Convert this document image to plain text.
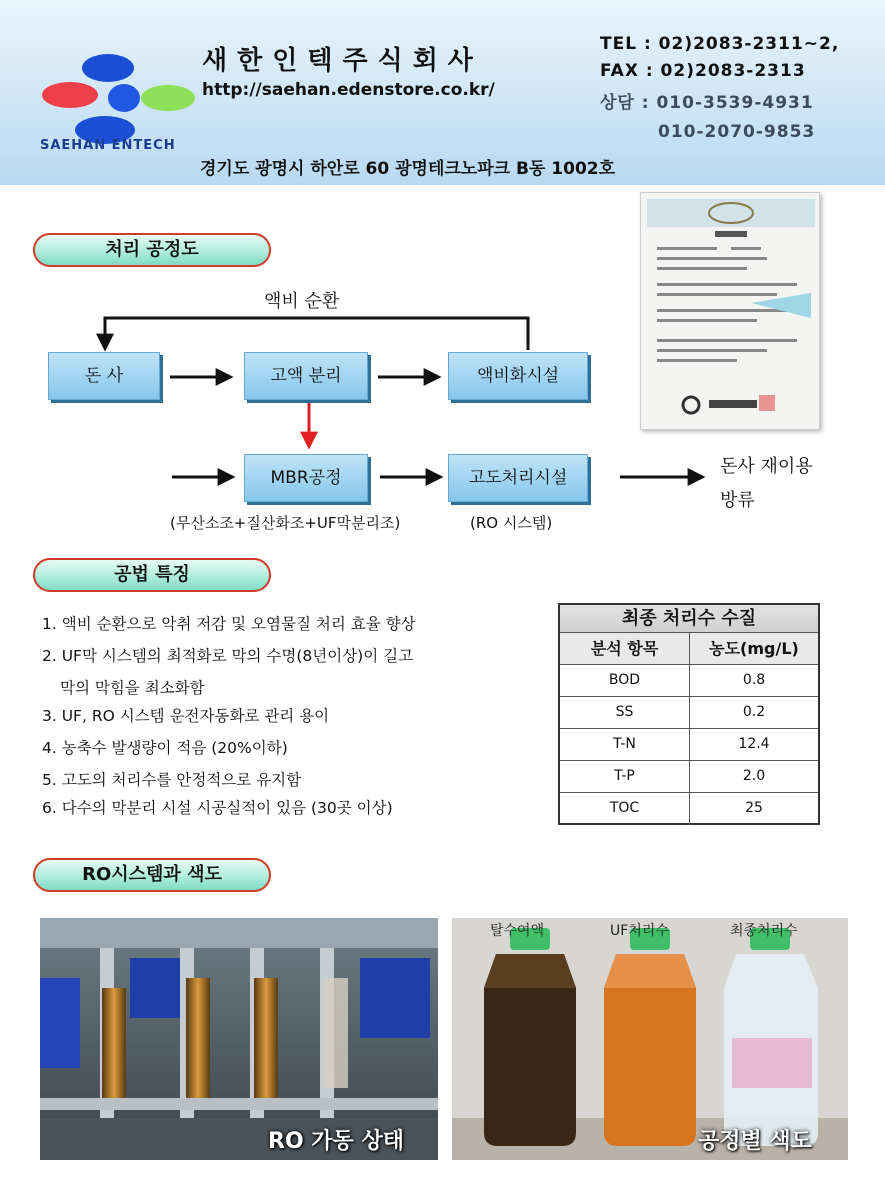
SAEHAN ENTECH
새한인텍주식회사
http://saehan.edenstore.co.kr/
TEL : 02)2083-2311~2,
FAX : 02)2083-2313
상담 : 010-3539-4931
010-2070-9853
경기도 광명시 하안로 60 광명테크노파크 B동 1002호
처리 공정도
액비 순환
돈 사	고액 분리	액비화시설
MBR공정	고도처리시설
(무산소조+질산화조+UF막분리조)	(RO 시스템)
돈사 재이용
방류
공법 특징
1. 액비 순환으로 악취 저감 및 오염물질 처리 효율 향상
2. UF막 시스템의 최적화로 막의 수명(8년이상)이 길고
막의 막힘을 최소화함
3. UF, RO 시스템 운전자동화로 관리 용이
4. 농축수 발생량이 적음 (20%이하)
5. 고도의 처리수를 안정적으로 유지함
6. 다수의 막분리 시설 시공실적이 있음 (30곳 이상)
최종 처리수 수질
분석 항목	농도(mg/L)
BOD	0.8
SS	0.2
T-N	12.4
T-P	2.0
TOC	25
RO시스템과 색도
RO 가동 상태
탈수여액	UF처리수	최종처리수
공정별 색도
